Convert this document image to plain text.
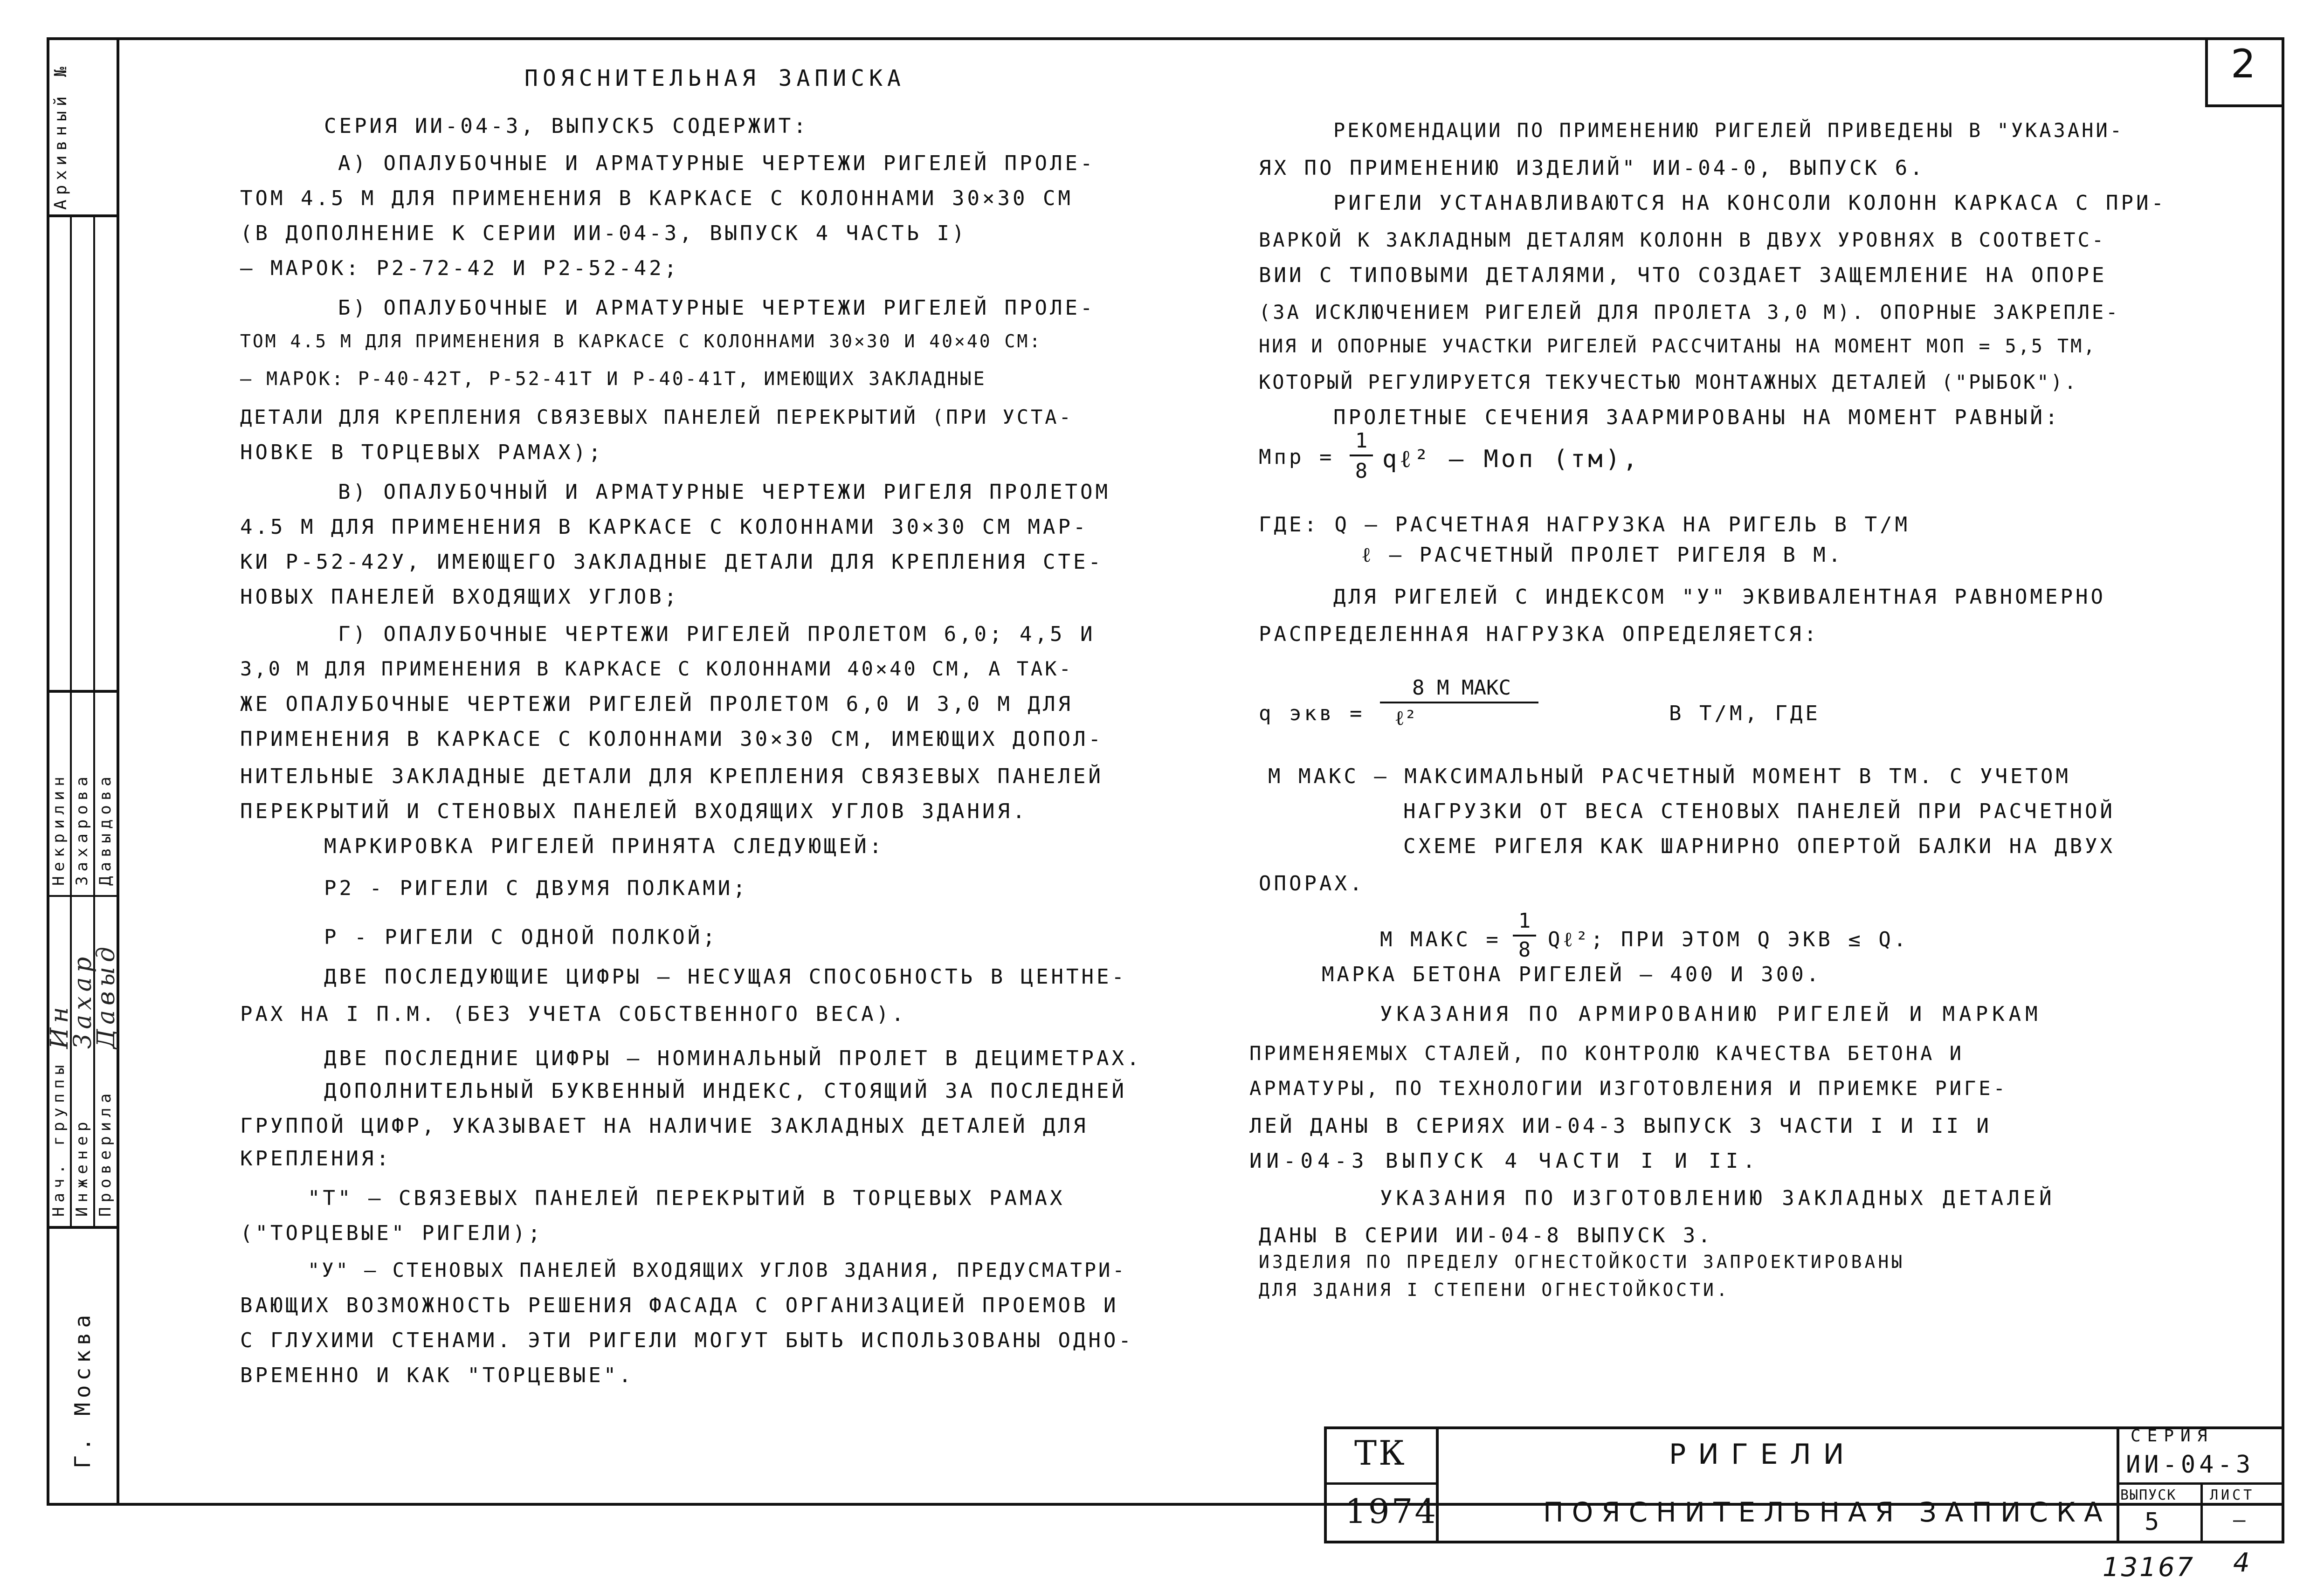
2
Архивный №
Нач. группы
Некрилин
Инженер
Захарова
Проверила
Давыдова
Ин
Захар
Давыд
Г. Москва
ПОЯСНИТЕЛЬНАЯ ЗАПИСКА
СЕРИЯ ИИ-04-3, ВЫПУСК5 СОДЕРЖИТ:
А) ОПАЛУБОЧНЫЕ И АРМАТУРНЫЕ ЧЕРТЕЖИ РИГЕЛЕЙ ПРОЛЕ-
ТОМ 4.5 М ДЛЯ ПРИМЕНЕНИЯ В КАРКАСЕ С КОЛОННАМИ 30×30 СМ
(В ДОПОЛНЕНИЕ К СЕРИИ ИИ-04-3, ВЫПУСК 4 ЧАСТЬ I)
– МАРОК: Р2-72-42 И Р2-52-42;
Б) ОПАЛУБОЧНЫЕ И АРМАТУРНЫЕ ЧЕРТЕЖИ РИГЕЛЕЙ ПРОЛЕ-
ТОМ 4.5 М ДЛЯ ПРИМЕНЕНИЯ В КАРКАСЕ С КОЛОННАМИ 30×30 И 40×40 СМ:
– МАРОК: Р-40-42Т, Р-52-41Т И Р-40-41Т, ИМЕЮЩИХ ЗАКЛАДНЫЕ
ДЕТАЛИ ДЛЯ КРЕПЛЕНИЯ СВЯЗЕВЫХ ПАНЕЛЕЙ ПЕРЕКРЫТИЙ (ПРИ УСТА-
НОВКЕ В ТОРЦЕВЫХ РАМАХ);
В) ОПАЛУБОЧНЫЙ И АРМАТУРНЫЕ ЧЕРТЕЖИ РИГЕЛЯ ПРОЛЕТОМ
4.5 М ДЛЯ ПРИМЕНЕНИЯ В КАРКАСЕ С КОЛОННАМИ 30×30 СМ МАР-
КИ Р-52-42У, ИМЕЮЩЕГО ЗАКЛАДНЫЕ ДЕТАЛИ ДЛЯ КРЕПЛЕНИЯ СТЕ-
НОВЫХ ПАНЕЛЕЙ ВХОДЯЩИХ УГЛОВ;
Г) ОПАЛУБОЧНЫЕ ЧЕРТЕЖИ РИГЕЛЕЙ ПРОЛЕТОМ 6,0; 4,5 И
3,0 М ДЛЯ ПРИМЕНЕНИЯ В КАРКАСЕ С КОЛОННАМИ 40×40 СМ, А ТАК-
ЖЕ ОПАЛУБОЧНЫЕ ЧЕРТЕЖИ РИГЕЛЕЙ ПРОЛЕТОМ 6,0 И 3,0 М ДЛЯ
ПРИМЕНЕНИЯ В КАРКАСЕ С КОЛОННАМИ 30×30 СМ, ИМЕЮЩИХ ДОПОЛ-
НИТЕЛЬНЫЕ ЗАКЛАДНЫЕ ДЕТАЛИ ДЛЯ КРЕПЛЕНИЯ СВЯЗЕВЫХ ПАНЕЛЕЙ
ПЕРЕКРЫТИЙ И СТЕНОВЫХ ПАНЕЛЕЙ ВХОДЯЩИХ УГЛОВ ЗДАНИЯ.
МАРКИРОВКА РИГЕЛЕЙ ПРИНЯТА СЛЕДУЮЩЕЙ:
Р2 - РИГЕЛИ С ДВУМЯ ПОЛКАМИ;
Р - РИГЕЛИ С ОДНОЙ ПОЛКОЙ;
ДВЕ ПОСЛЕДУЮЩИЕ ЦИФРЫ – НЕСУЩАЯ СПОСОБНОСТЬ В ЦЕНТНЕ-
РАХ НА I П.М. (БЕЗ УЧЕТА СОБСТВЕННОГО ВЕСА).
ДВЕ ПОСЛЕДНИЕ ЦИФРЫ – НОМИНАЛЬНЫЙ ПРОЛЕТ В ДЕЦИМЕТРАХ.
ДОПОЛНИТЕЛЬНЫЙ БУКВЕННЫЙ ИНДЕКС, СТОЯЩИЙ ЗА ПОСЛЕДНЕЙ
ГРУППОЙ ЦИФР, УКАЗЫВАЕТ НА НАЛИЧИЕ ЗАКЛАДНЫХ ДЕТАЛЕЙ ДЛЯ
КРЕПЛЕНИЯ:
"Т" – СВЯЗЕВЫХ ПАНЕЛЕЙ ПЕРЕКРЫТИЙ В ТОРЦЕВЫХ РАМАХ
("ТОРЦЕВЫЕ" РИГЕЛИ);
"У" – СТЕНОВЫХ ПАНЕЛЕЙ ВХОДЯЩИХ УГЛОВ ЗДАНИЯ, ПРЕДУСМАТРИ-
ВАЮЩИХ ВОЗМОЖНОСТЬ РЕШЕНИЯ ФАСАДА С ОРГАНИЗАЦИЕЙ ПРОЕМОВ И
С ГЛУХИМИ СТЕНАМИ. ЭТИ РИГЕЛИ МОГУТ БЫТЬ ИСПОЛЬЗОВАНЫ ОДНО-
ВРЕМЕННО И КАК "ТОРЦЕВЫЕ".
РЕКОМЕНДАЦИИ ПО ПРИМЕНЕНИЮ РИГЕЛЕЙ ПРИВЕДЕНЫ В "УКАЗАНИ-
ЯХ ПО ПРИМЕНЕНИЮ ИЗДЕЛИЙ" ИИ-04-0, ВЫПУСК 6.
РИГЕЛИ УСТАНАВЛИВАЮТСЯ НА КОНСОЛИ КОЛОНН КАРКАСА С ПРИ-
ВАРКОЙ К ЗАКЛАДНЫМ ДЕТАЛЯМ КОЛОНН В ДВУХ УРОВНЯХ В СООТВЕТС-
ВИИ С ТИПОВЫМИ ДЕТАЛЯМИ, ЧТО СОЗДАЕТ ЗАЩЕМЛЕНИЕ НА ОПОРЕ
(ЗА ИСКЛЮЧЕНИЕМ РИГЕЛЕЙ ДЛЯ ПРОЛЕТА 3,0 М). ОПОРНЫЕ ЗАКРЕПЛЕ-
НИЯ И ОПОРНЫЕ УЧАСТКИ РИГЕЛЕЙ РАССЧИТАНЫ НА МОМЕНТ МОП = 5,5 ТМ,
КОТОРЫЙ РЕГУЛИРУЕТСЯ ТЕКУЧЕСТЬЮ МОНТАЖНЫХ ДЕТАЛЕЙ ("РЫБОК").
ПРОЛЕТНЫЕ СЕЧЕНИЯ ЗААРМИРОВАНЫ НА МОМЕНТ РАВНЫЙ:
Мпр =
1
8 qℓ² – Моп (тм),
ГДЕ: Q – РАСЧЕТНАЯ НАГРУЗКА НА РИГЕЛЬ В Т/М
ℓ – РАСЧЕТНЫЙ ПРОЛЕТ РИГЕЛЯ В М.
ДЛЯ РИГЕЛЕЙ С ИНДЕКСОМ "У" ЭКВИВАЛЕНТНАЯ РАВНОМЕРНО
РАСПРЕДЕЛЕННАЯ НАГРУЗКА ОПРЕДЕЛЯЕТСЯ:
q экв =
8 М МАКС
ℓ²	В Т/М, ГДЕ
М МАКС – МАКСИМАЛЬНЫЙ РАСЧЕТНЫЙ МОМЕНТ В ТМ. С УЧЕТОМ
НАГРУЗКИ ОТ ВЕСА СТЕНОВЫХ ПАНЕЛЕЙ ПРИ РАСЧЕТНОЙ
СХЕМЕ РИГЕЛЯ КАК ШАРНИРНО ОПЕРТОЙ БАЛКИ НА ДВУХ
ОПОРАХ.
М МАКС =
1
8 Qℓ²; ПРИ ЭТОМ Q ЭКВ ≤ Q.
МАРКА БЕТОНА РИГЕЛЕЙ – 400 И 300.
УКАЗАНИЯ ПО АРМИРОВАНИЮ РИГЕЛЕЙ И МАРКАМ
ПРИМЕНЯЕМЫХ СТАЛЕЙ, ПО КОНТРОЛЮ КАЧЕСТВА БЕТОНА И
АРМАТУРЫ, ПО ТЕХНОЛОГИИ ИЗГОТОВЛЕНИЯ И ПРИЕМКЕ РИГЕ-
ЛЕЙ ДАНЫ В СЕРИЯХ ИИ-04-3 ВЫПУСК 3 ЧАСТИ I И II И
ИИ-04-3 ВЫПУСК 4 ЧАСТИ I И II.
УКАЗАНИЯ ПО ИЗГОТОВЛЕНИЮ ЗАКЛАДНЫХ ДЕТАЛЕЙ
ДАНЫ В СЕРИИ ИИ-04-8 ВЫПУСК 3.
ИЗДЕЛИЯ ПО ПРЕДЕЛУ ОГНЕСТОЙКОСТИ ЗАПРОЕКТИРОВАНЫ
ДЛЯ ЗДАНИЯ I СТЕПЕНИ ОГНЕСТОЙКОСТИ.
ТК
1974
РИГЕЛИ
ПОЯСНИТЕЛЬНАЯ ЗАПИСКА
СЕРИЯ
ИИ-04-3
ВЫПУСК
5
ЛИСТ
—
13167 4
